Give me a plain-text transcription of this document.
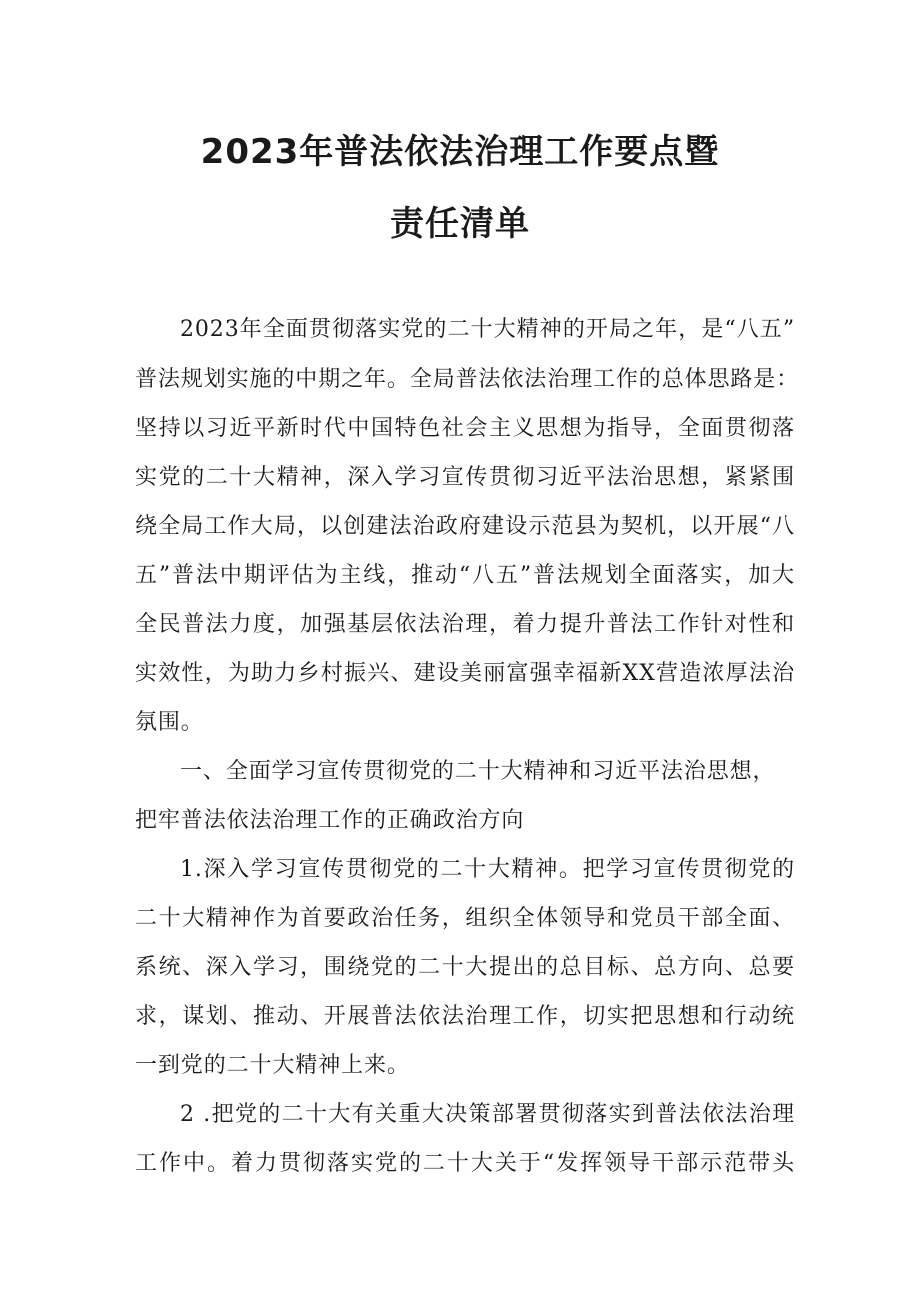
2023年普法依法治理工作要点暨
责任清单
2023年全面贯彻落实党的二十大精神的开局之年，是“八五”
普法规划实施的中期之年。全局普法依法治理工作的总体思路是：
坚持以习近平新时代中国特色社会主义思想为指导，全面贯彻落
实党的二十大精神，深入学习宣传贯彻习近平法治思想，紧紧围
绕全局工作大局，以创建法治政府建设示范县为契机，以开展“八
五”普法中期评估为主线，推动“八五”普法规划全面落实，加大
全民普法力度，加强基层依法治理，着力提升普法工作针对性和
实效性，为助力乡村振兴、建设美丽富强幸福新XX营造浓厚法治
氛围。
一、全面学习宣传贯彻党的二十大精神和习近平法治思想，
把牢普法依法治理工作的正确政治方向
1.深入学习宣传贯彻党的二十大精神。把学习宣传贯彻党的
二十大精神作为首要政治任务，组织全体领导和党员干部全面、
系统、深入学习，围绕党的二十大提出的总目标、总方向、总要
求，谋划、推动、开展普法依法治理工作，切实把思想和行动统
一到党的二十大精神上来。
2 .把党的二十大有关重大决策部署贯彻落实到普法依法治理
工作中。着力贯彻落实党的二十大关于“发挥领导干部示范带头
